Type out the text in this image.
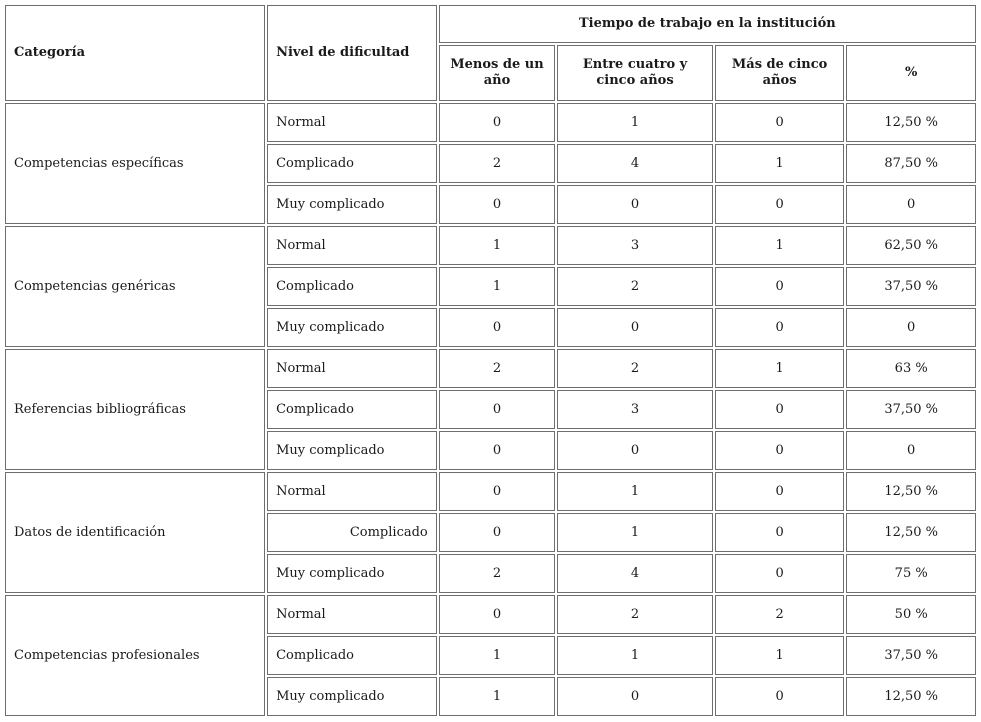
Categoría	Nivel de dificultad	Tiempo de trabajo en la institución			
		Menos de un año	Entre cuatro y cinco años	Más de cinco años	%
Competencias específicas	Normal	0	1	0	12,50 %
	Complicado	2	4	1	87,50 %
	Muy complicado	0	0	0	0
Competencias genéricas	Normal	1	3	1	62,50 %
	Complicado	1	2	0	37,50 %
	Muy complicado	0	0	0	0
Referencias bibliográficas	Normal	2	2	1	63 %
	Complicado	0	3	0	37,50 %
	Muy complicado	0	0	0	0
Datos de identificación	Normal	0	1	0	12,50 %
	Complicado	0	1	0	12,50 %
	Muy complicado	2	4	0	75 %
Competencias profesionales	Normal	0	2	2	50 %
	Complicado	1	1	1	37,50 %
	Muy complicado	1	0	0	12,50 %
